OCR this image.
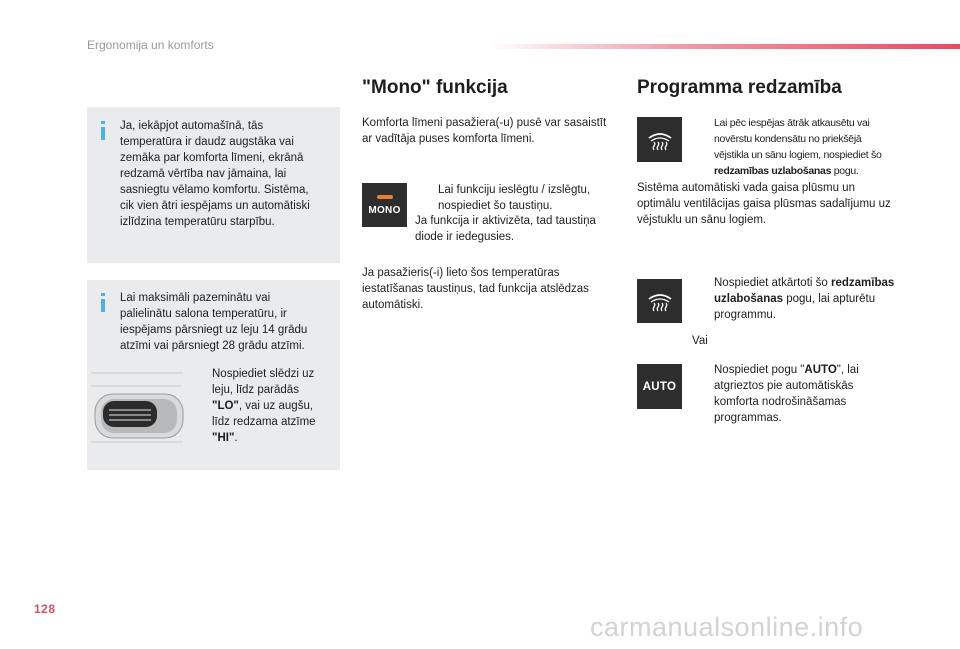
Ergonomija un komforts
Ja, iekāpjot automašīnā, tās temperatūra ir daudz augstāka vai zemāka par komforta līmeni, ekrānā redzamā vērtība nav jāmaina, lai sasniegtu vēlamo komfortu. Sistēma, cik vien ātri iespējams un automātiski izlīdzina temperatūru starpību.
Lai maksimāli pazeminātu vai palielinātu salona temperatūru, ir iespējams pārsniegt uz leju 14 grādu atzīmi vai pārsniegt 28 grādu atzīmi.
Nospiediet slēdzi uz leju, līdz parādās "LO", vai uz augšu, līdz redzama atzīme "HI".
"Mono" funkcija
Komforta līmeni pasažiera(-u) pusē var sasaistīt ar vadītāja puses komforta līmeni.
MONO
Lai funkciju ieslēgtu / izslēgtu, nospiediet šo taustiņu.
Ja funkcija ir aktivizēta, tad taustiņa diode ir iedegusies.
Ja pasažieris(-i) lieto šos temperatūras iestatīšanas taustiņus, tad funkcija atslēdzas automātiski.
Programma redzamība
Lai pēc iespējas ātrāk atkausētu vai novērstu kondensātu no priekšējā vējstikla un sānu logiem, nospiediet šo redzamības uzlabošanas pogu.
Sistēma automātiski vada gaisa plūsmu un optimālu ventilācijas gaisa plūsmas sadalījumu uz vējstuklu un sānu logiem.
Nospiediet atkārtoti šo redzamības uzlabošanas pogu, lai apturētu programmu.
Vai
AUTO
Nospiediet pogu "AUTO", lai atgrieztos pie automātiskās komforta nodrošināšamas programmas.
128
carmanualsonline.info
